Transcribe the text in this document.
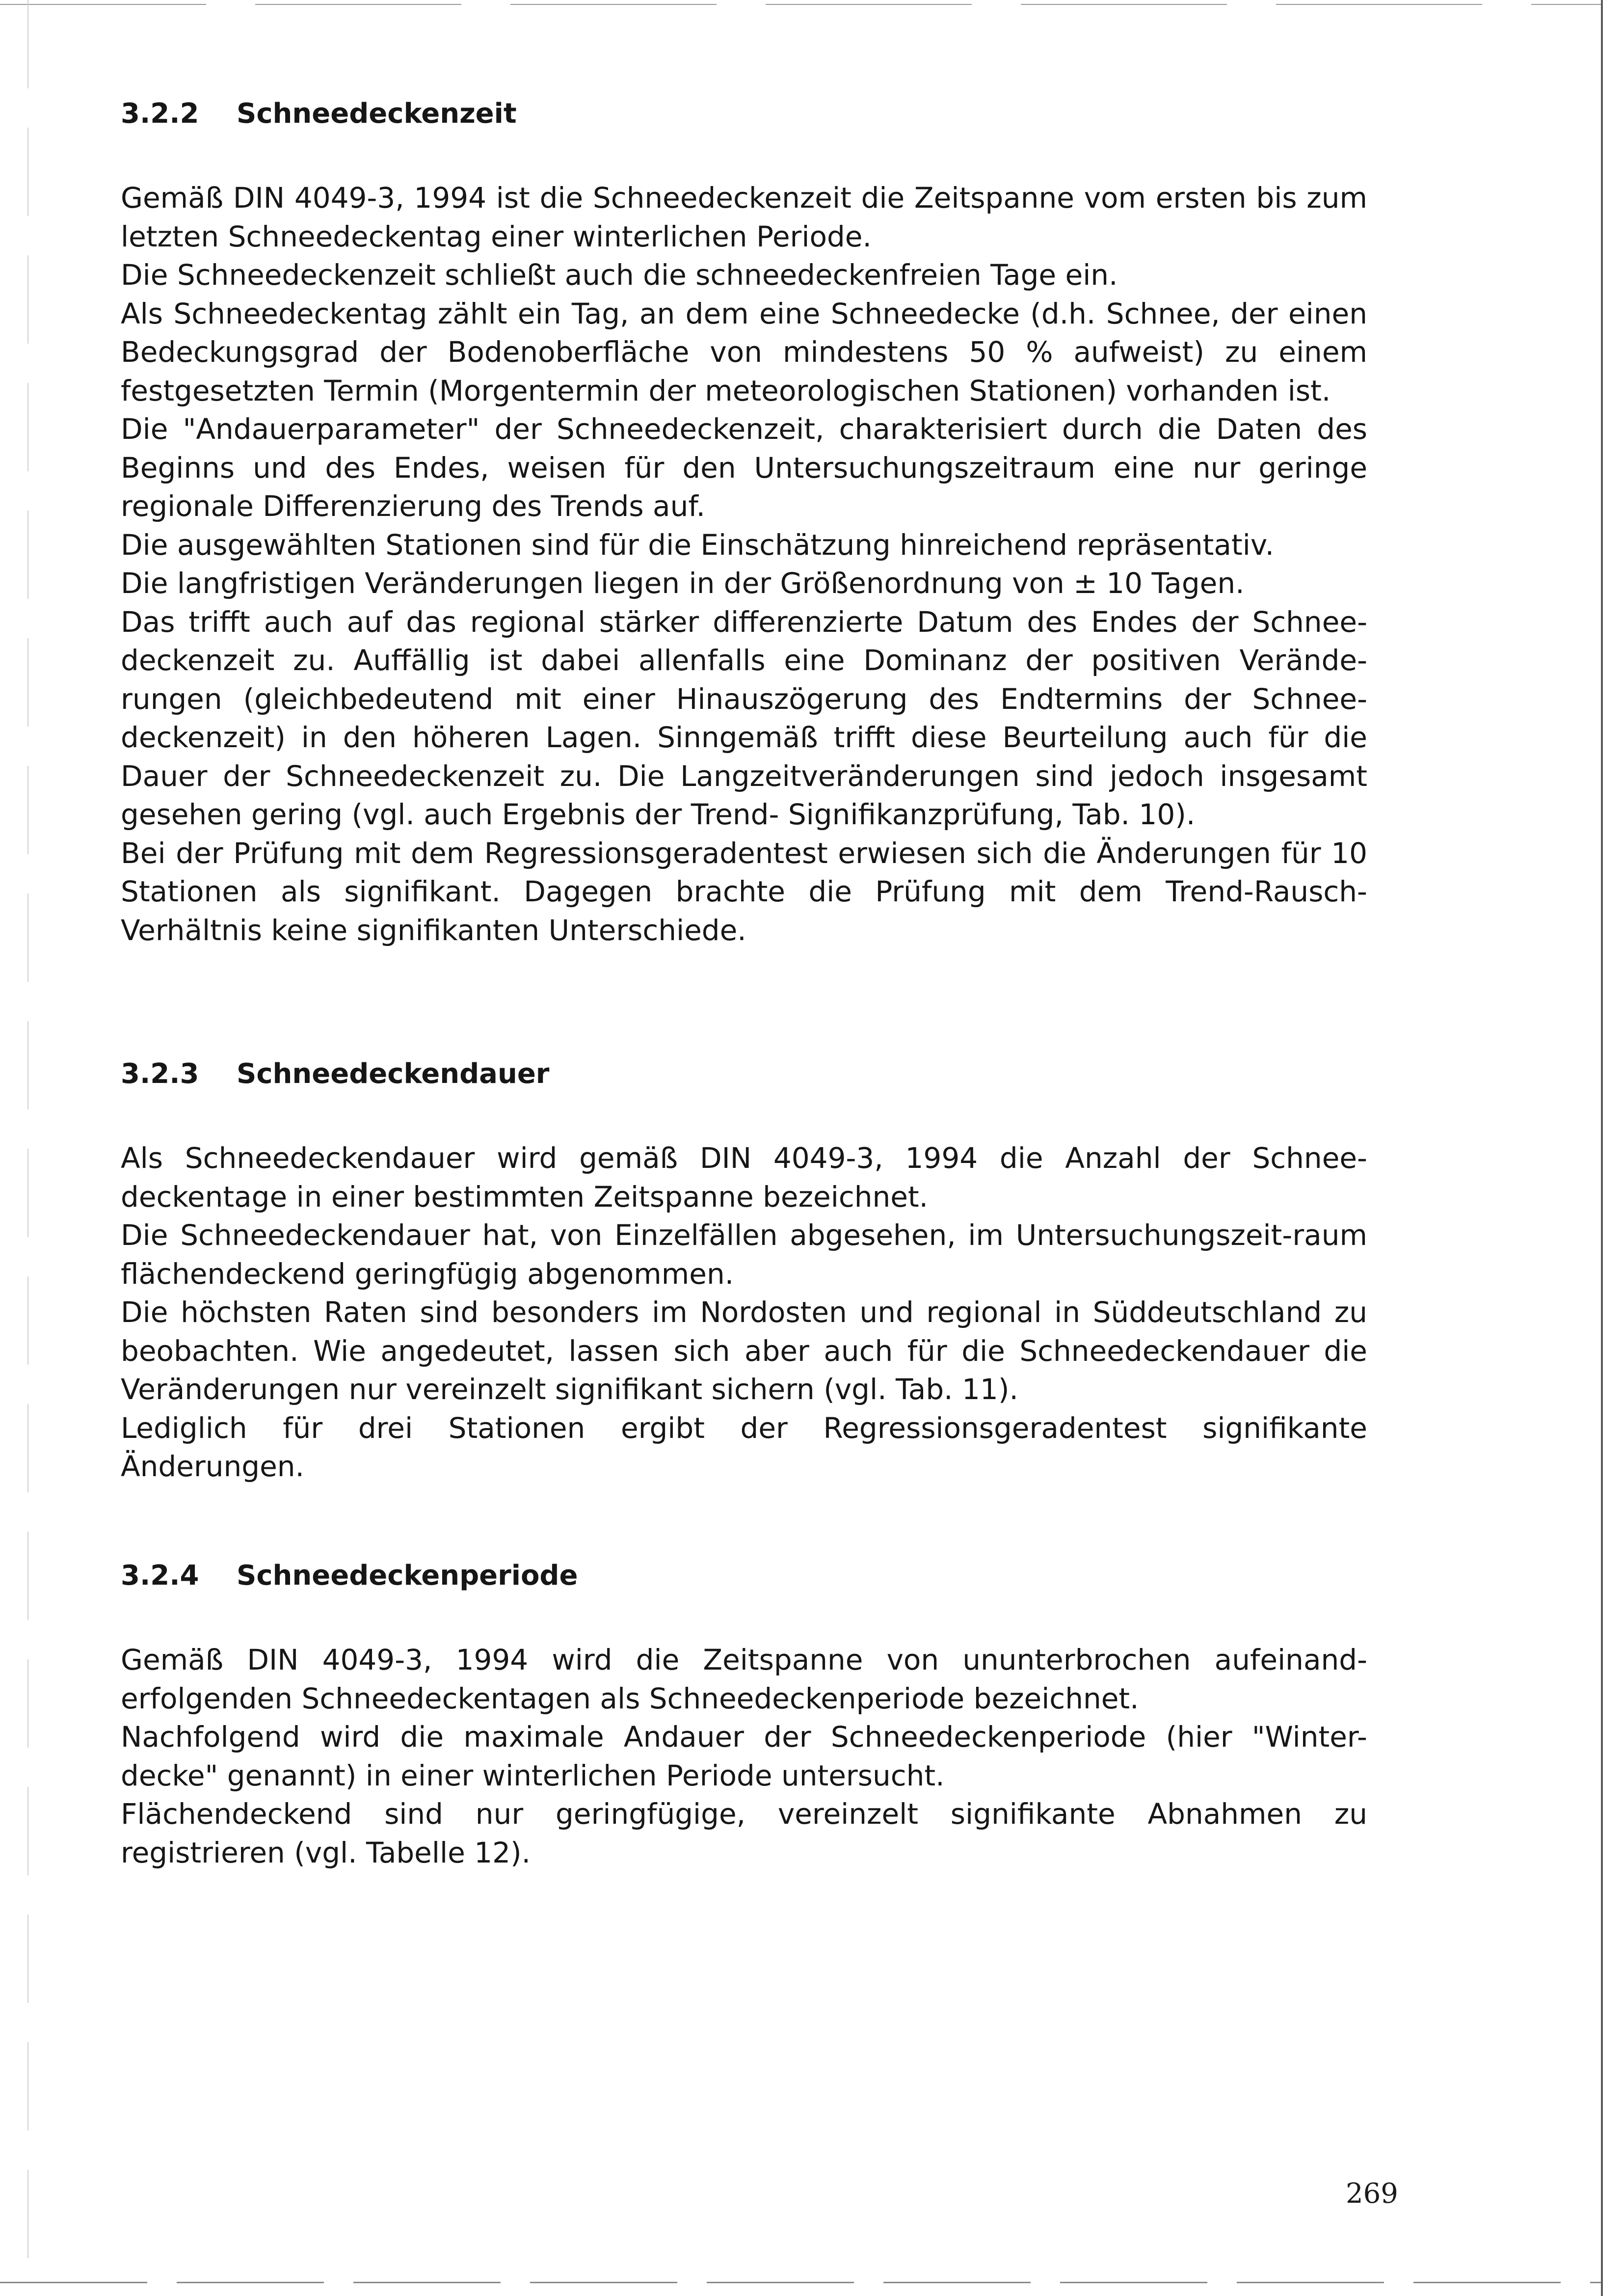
3.2.2 Schneedeckenzeit

Gemäß DIN 4049-3, 1994 ist die Schneedeckenzeit die Zeitspanne vom ersten bis zum letzten Schneedeckentag einer winterlichen Periode.

Die Schneedeckenzeit schließt auch die schneedeckenfreien Tage ein.

Als Schneedeckentag zählt ein Tag, an dem eine Schneedecke (d.h. Schnee, der einen Bedeckungsgrad der Bodenoberfläche von mindestens 50 % aufweist) zu einem festgesetzten Termin (Morgentermin der meteorologischen Stationen) vorhanden ist.

Die "Andauerparameter" der Schneedeckenzeit, charakterisiert durch die Daten des Beginns und des Endes, weisen für den Untersuchungszeitraum eine nur geringe regionale Differenzierung des Trends auf.

Die ausgewählten Stationen sind für die Einschätzung hinreichend repräsentativ.

Die langfristigen Veränderungen liegen in der Größenordnung von ± 10 Tagen.

Das trifft auch auf das regional stärker differenzierte Datum des Endes der Schnee-deckenzeit zu. Auffällig ist dabei allenfalls eine Dominanz der positiven Verände-rungen (gleichbedeutend mit einer Hinauszögerung des Endtermins der Schnee-deckenzeit) in den höheren Lagen. Sinngemäß trifft diese Beurteilung auch für die Dauer der Schneedeckenzeit zu. Die Langzeitveränderungen sind jedoch insgesamt gesehen gering (vgl. auch Ergebnis der Trend- Signifikanzprüfung, Tab. 10).

Bei der Prüfung mit dem Regressionsgeradentest erwiesen sich die Änderungen für 10 Stationen als signifikant. Dagegen brachte die Prüfung mit dem Trend-Rausch-Verhältnis keine signifikanten Unterschiede.

3.2.3 Schneedeckendauer

Als Schneedeckendauer wird gemäß DIN 4049-3, 1994 die Anzahl der Schnee-deckentage in einer bestimmten Zeitspanne bezeichnet.

Die Schneedeckendauer hat, von Einzelfällen abgesehen, im Untersuchungszeit-raum flächendeckend geringfügig abgenommen.

Die höchsten Raten sind besonders im Nordosten und regional in Süddeutschland zu beobachten. Wie angedeutet, lassen sich aber auch für die Schneedeckendauer die Veränderungen nur vereinzelt signifikant sichern (vgl. Tab. 11).

Lediglich für drei Stationen ergibt der Regressionsgeradentest signifikante Änderungen.

3.2.4 Schneedeckenperiode

Gemäß DIN 4049-3, 1994 wird die Zeitspanne von ununterbrochen aufeinand-erfolgenden Schneedeckentagen als Schneedeckenperiode bezeichnet.

Nachfolgend wird die maximale Andauer der Schneedeckenperiode (hier "Winter-decke" genannt) in einer winterlichen Periode untersucht.

Flächendeckend sind nur geringfügige, vereinzelt signifikante Abnahmen zu registrieren (vgl. Tabelle 12).

269
